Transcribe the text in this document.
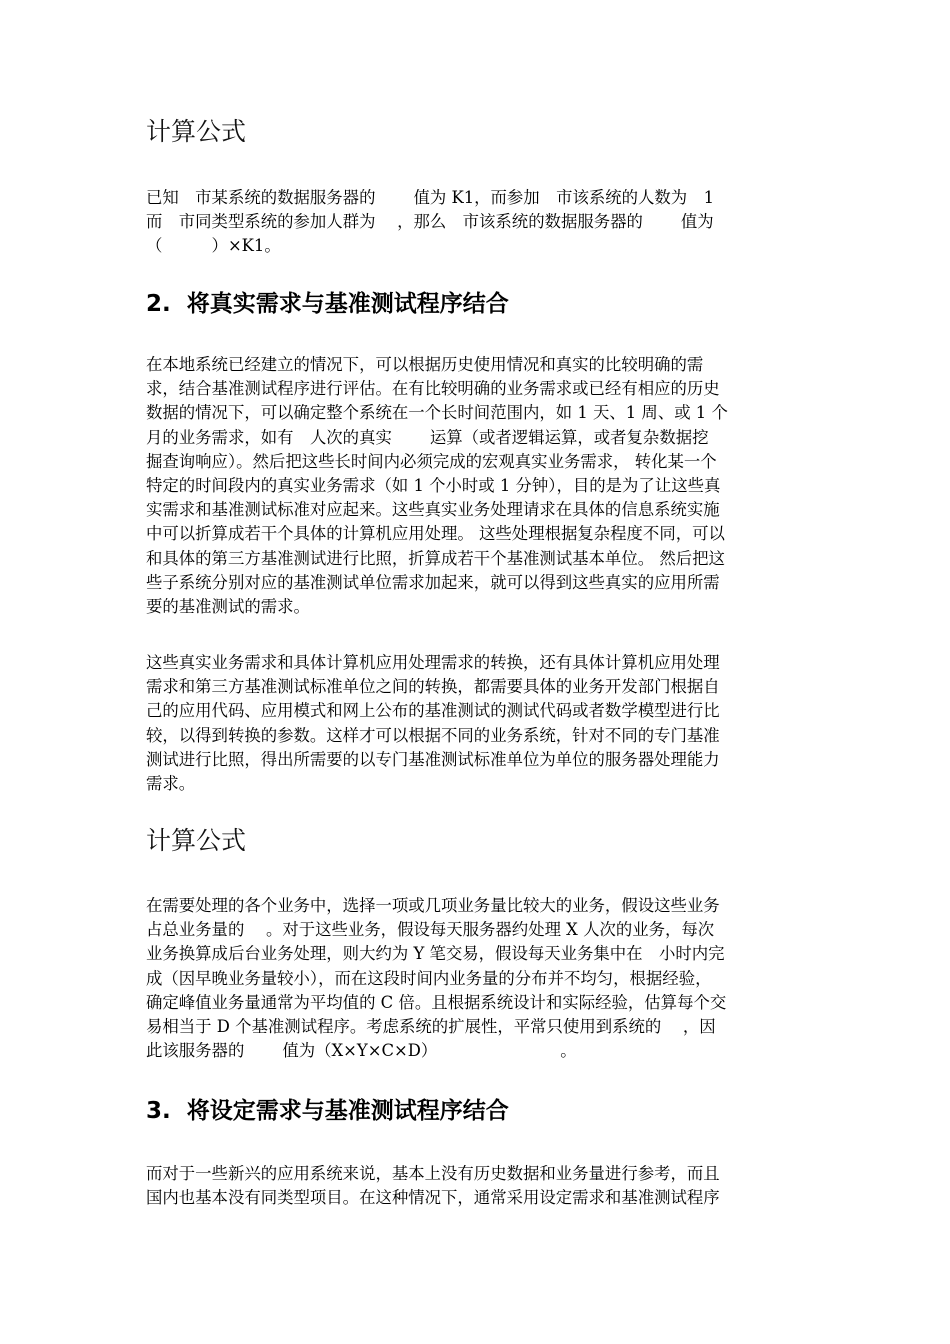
计算公式
已知　市某系统的数据服务器的　　 值为 K1，而参加　市该系统的人数为　1
而　市同类型系统的参加人群为　 ，那么　市该系统的数据服务器的　　 值为
（　　　）×K1。
2. 将真实需求与基准测试程序结合
在本地系统已经建立的情况下，可以根据历史使用情况和真实的比较明确的需
求，结合基准测试程序进行评估。在有比较明确的业务需求或已经有相应的历史
数据的情况下，可以确定整个系统在一个长时间范围内，如 1 天、1 周、或 1 个
月的业务需求，如有　人次的真实　　 运算（或者逻辑运算，或者复杂数据挖
掘查询响应）。然后把这些长时间内必须完成的宏观真实业务需求， 转化某一个
特定的时间段内的真实业务需求（如 1 个小时或 1 分钟），目的是为了让这些真
实需求和基准测试标准对应起来。这些真实业务处理请求在具体的信息系统实施
中可以折算成若干个具体的计算机应用处理。 这些处理根据复杂程度不同，可以
和具体的第三方基准测试进行比照，折算成若干个基准测试基本单位。 然后把这
些子系统分别对应的基准测试单位需求加起来，就可以得到这些真实的应用所需
要的基准测试的需求。
这些真实业务需求和具体计算机应用处理需求的转换，还有具体计算机应用处理
需求和第三方基准测试标准单位之间的转换，都需要具体的业务开发部门根据自
己的应用代码、应用模式和网上公布的基准测试的测试代码或者数学模型进行比
较，以得到转换的参数。这样才可以根据不同的业务系统，针对不同的专门基准
测试进行比照，得出所需要的以专门基准测试标准单位为单位的服务器处理能力
需求。
计算公式
在需要处理的各个业务中，选择一项或几项业务量比较大的业务，假设这些业务
占总业务量的　 。对于这些业务，假设每天服务器约处理 X 人次的业务，每次
业务换算成后台业务处理，则大约为 Y 笔交易，假设每天业务集中在　小时内完
成（因早晚业务量较小），而在这段时间内业务量的分布并不均匀，根据经验，
确定峰值业务量通常为平均值的 C 倍。且根据系统设计和实际经验，估算每个交
易相当于 D 个基准测试程序。考虑系统的扩展性，平常只使用到系统的　 ，因
此该服务器的　　 值为（X×Y×C×D）　　　　　　　　。
3. 将设定需求与基准测试程序结合
而对于一些新兴的应用系统来说，基本上没有历史数据和业务量进行参考，而且
国内也基本没有同类型项目。在这种情况下，通常采用设定需求和基准测试程序
